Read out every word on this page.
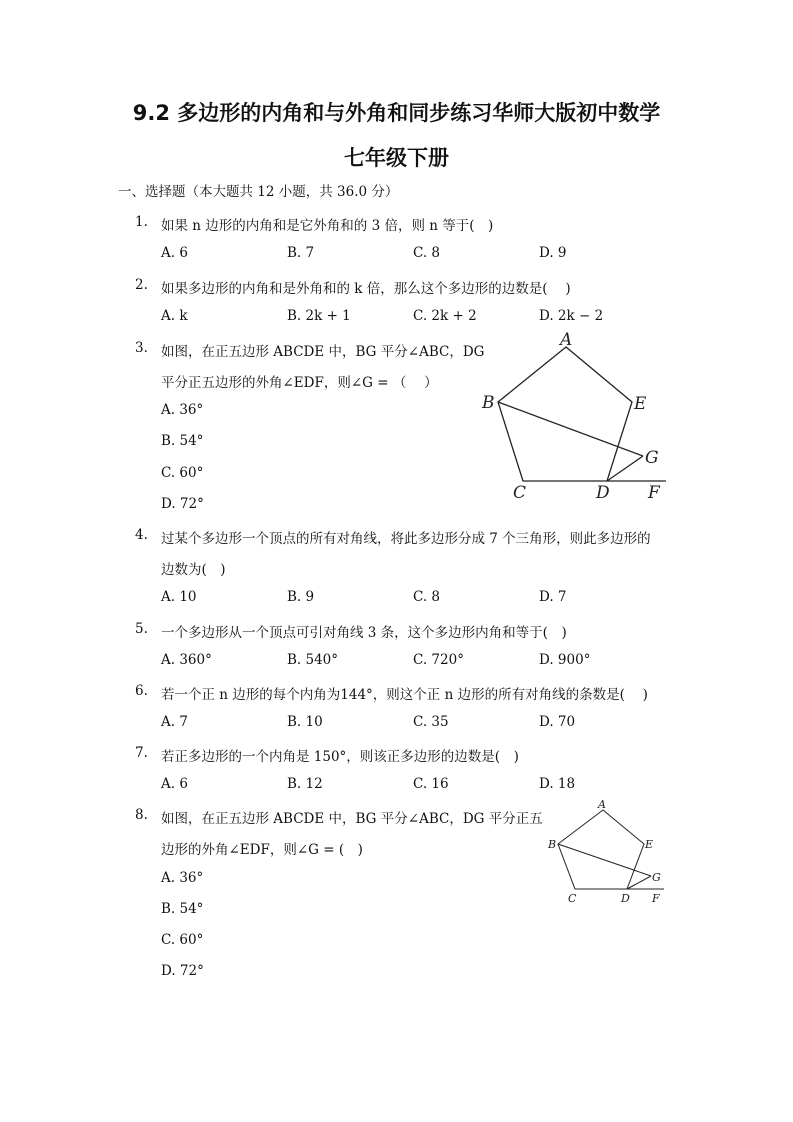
9.2 多边形的内角和与外角和同步练习华师大版初中数学
七年级下册
一、选择题（本大题共 12 小题，共 36.0 分）
1. 如果 n 边形的内角和是它外角和的 3 倍，则 n 等于(　)
A. 6	B. 7	C. 8	D. 9
2. 如果多边形的内角和是外角和的 k 倍，那么这个多边形的边数是(　 )
A. k	B. 2k + 1	C. 2k + 2	D. 2k − 2
3. 如图，在正五边形 ABCDE 中，BG 平分∠ABC，DG
平分正五边形的外角∠EDF，则∠G = （　 ）
A. 36°
B. 54°
C. 60°
D. 72°
A
B
C	D
E
F
G
4. 过某个多边形一个顶点的所有对角线，将此多边形分成 7 个三角形，则此多边形的
边数为(　)
A. 10	B. 9	C. 8	D. 7
5. 一个多边形从一个顶点可引对角线 3 条，这个多边形内角和等于(　)
A. 360°	B. 540°	C. 720°	D. 900°
6. 若一个正 n 边形的每个内角为144°，则这个正 n 边形的所有对角线的条数是(　 )
A. 7	B. 10	C. 35	D. 70
7. 若正多边形的一个内角是 150°，则该正多边形的边数是(　)
A. 6	B. 12	C. 16	D. 18
8. 如图，在正五边形 ABCDE 中，BG 平分∠ABC，DG 平分正五
边形的外角∠EDF，则∠G = (　)
A. 36°
B. 54°
C. 60°
D. 72°
A
B
C	D
E
F
G
